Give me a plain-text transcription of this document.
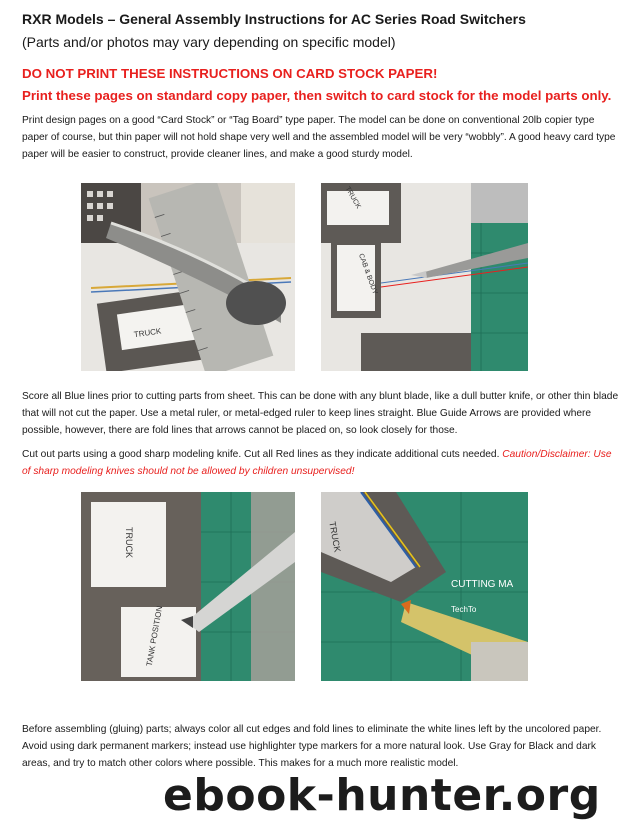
RXR Models – General Assembly Instructions for AC Series Road Switchers
(Parts and/or photos may vary depending on specific model)
DO NOT PRINT THESE INSTRUCTIONS ON CARD STOCK PAPER!
Print these pages on standard copy paper, then switch to card stock for the model parts only.
Print design pages on a good “Card Stock” or “Tag Board” type paper. The model can be done on conventional 20lb copier type paper of course, but thin paper will not hold shape very well and the assembled model will be very “wobbly”. A good heavy card type paper will be easier to construct, provide cleaner lines, and make a good sturdy model.
TRUCK
TRUCK
CAB & BODY
Score all Blue lines prior to cutting parts from sheet. This can be done with any blunt blade, like a dull butter knife, or other thin blade that will not cut the paper. Use a metal ruler, or metal-edged ruler to keep lines straight. Blue Guide Arrows are provided where possible, however, there are fold lines that arrows cannot be placed on, so look closely for those.
Cut out parts using a good sharp modeling knife. Cut all Red lines as they indicate additional cuts needed. Caution/Disclaimer: Use of sharp modeling knives should not be allowed by children unsupervised!
TRUCK
TANK POSITION
CUTTING MA
TechTo
TRUCK
Before assembling (gluing) parts; always color all cut edges and fold lines to eliminate the white lines left by the uncolored paper. Avoid using dark permanent markers; instead use highlighter type markers for a more natural look. Use Gray for Black and dark areas, and try to match other colors where possible. This makes for a much more realistic model.
ebook-hunter.org
